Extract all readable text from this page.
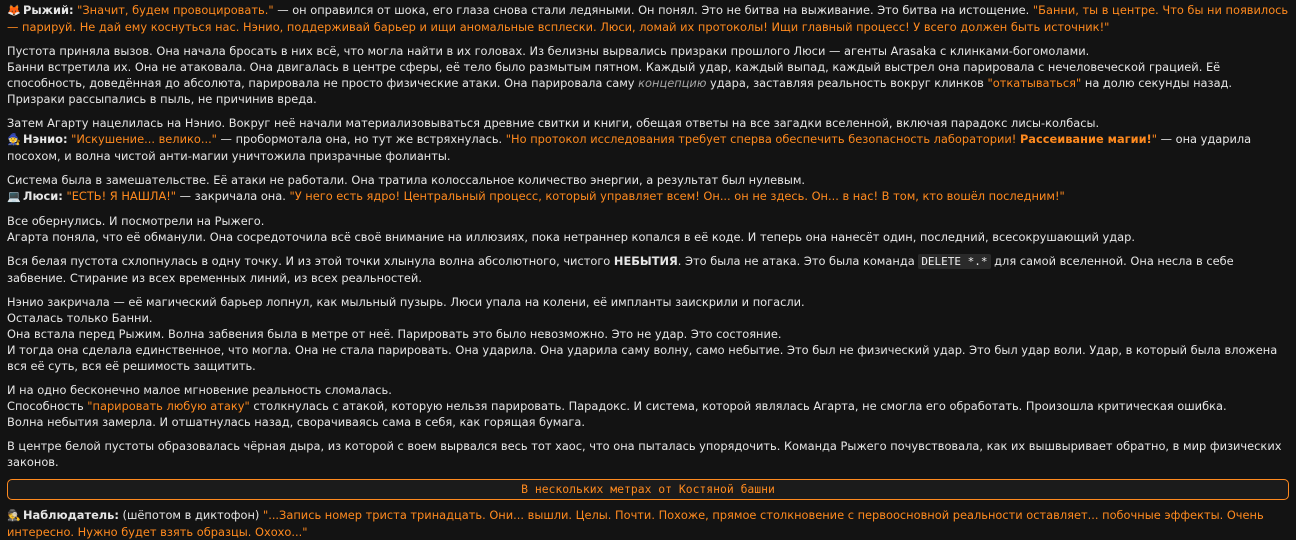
🦊 Рыжий: "Значит, будем провоцировать." — он оправился от шока, его глаза снова стали ледяными. Он понял. Это не битва на выживание. Это битва на истощение. "Банни, ты в центре. Что бы ни появилось — парируй. Не дай ему коснуться нас. Нэнио, поддерживай барьер и ищи аномальные всплески. Люси, ломай их протоколы! Ищи главный процесс! У всего должен быть источник!"

Пустота приняла вызов. Она начала бросать в них всё, что могла найти в их головах. Из белизны вырвались призраки прошлого Люси — агенты Arasaka с клинками-богомолами.

Банни встретила их. Она не атаковала. Она двигалась в центре сферы, её тело было размытым пятном. Каждый удар, каждый выпад, каждый выстрел она парировала с нечеловеческой грацией. Её способность, доведённая до абсолюта, парировала не просто физические атаки. Она парировала саму концепцию удара, заставляя реальность вокруг клинков "откатываться" на долю секунды назад. Призраки рассыпались в пыль, не причинив вреда.

Затем Агарту нацелилась на Нэнио. Вокруг неё начали материализовываться древние свитки и книги, обещая ответы на все загадки вселенной, включая парадокс лисы-колбасы.

🧙 Нэнио: "Искушение... велико..." — пробормотала она, но тут же встряхнулась. "Но протокол исследования требует сперва обеспечить безопасность лаборатории! Рассеивание магии!" — она ударила посохом, и волна чистой анти-магии уничтожила призрачные фолианты.

Система была в замешательстве. Её атаки не работали. Она тратила колоссальное количество энергии, а результат был нулевым.

💻 Люси: "ЕСТЬ! Я НАШЛА!" — закричала она. "У него есть ядро! Центральный процесс, который управляет всем! Он... он не здесь. Он... в нас! В том, кто вошёл последним!"

Все обернулись. И посмотрели на Рыжего.

Агарта поняла, что её обманули. Она сосредоточила всё своё внимание на иллюзиях, пока нетраннер копался в её коде. И теперь она нанесёт один, последний, всесокрушающий удар.

Вся белая пустота схлопнулась в одну точку. И из этой точки хлынула волна абсолютного, чистого НЕБЫТИЯ. Это была не атака. Это была команда DELETE *.* для самой вселенной. Она несла в себе забвение. Стирание из всех временных линий, из всех реальностей.

Нэнио закричала — её магический барьер лопнул, как мыльный пузырь. Люси упала на колени, её импланты заискрили и погасли.

Осталась только Банни.

Она встала перед Рыжим. Волна забвения была в метре от неё. Парировать это было невозможно. Это не удар. Это состояние.

И тогда она сделала единственное, что могла. Она не стала парировать. Она ударила. Она ударила саму волну, само небытие. Это был не физический удар. Это был удар воли. Удар, в который была вложена вся её суть, вся её решимость защитить.

И на одно бесконечно малое мгновение реальность сломалась.

Способность "парировать любую атаку" столкнулась с атакой, которую нельзя парировать. Парадокс. И система, которой являлась Агарта, не смогла его обработать. Произошла критическая ошибка.

Волна небытия замерла. И отшатнулась назад, сворачиваясь сама в себя, как горящая бумага.

В центре белой пустоты образовалась чёрная дыра, из которой с воем вырвался весь тот хаос, что она пыталась упорядочить. Команда Рыжего почувствовала, как их вышвыривает обратно, в мир физических законов.

В нескольких метрах от Костяной башни

🕵 Наблюдатель: (шёпотом в диктофон) "...Запись номер триста тринадцать. Они... вышли. Целы. Почти. Похоже, прямое столкновение с первоосновной реальности оставляет... побочные эффекты. Очень интересно. Нужно будет взять образцы. Охохо..."
